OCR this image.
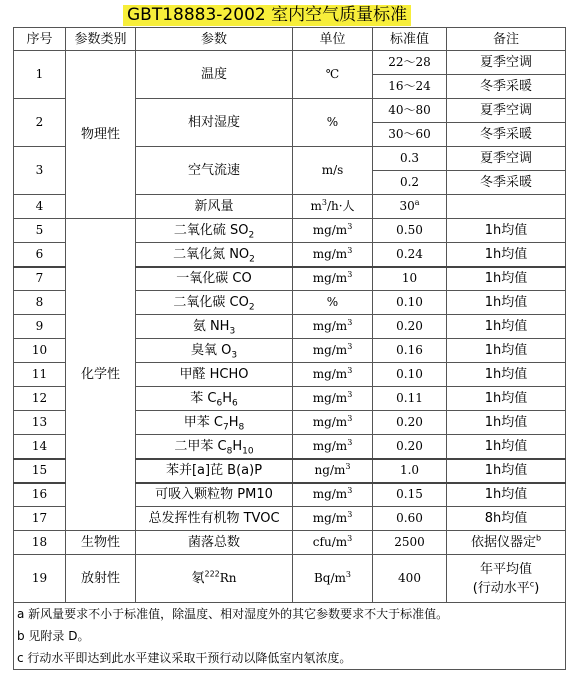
GBT18883-2002 室内空气质量标准
序号	参数类别	参数	单位	标准值	备注
1	物理性	温度	℃	22～28	夏季空调
				16～24	冬季采暖
2		相对湿度	%	40～80	夏季空调
				30～60	冬季采暖
3		空气流速	m/s	0.3	夏季空调
				0.2	冬季采暖
4		新风量	$m^3/h\cdot$人	30$^a$	
5	化学性	二氧化硫 $SO_2$	$mg/m^3$	0.50	1h均值
6		二氧化氮 $NO_2$	$mg/m^3$	0.24	1h均值
7		一氧化碳 CO	$mg/m^3$	10	1h均值
8		二氧化碳 $CO_2$	%	0.10	1h均值
9		氨 $NH_3$	$mg/m^3$	0.20	1h均值
10		臭氧 $O_3$	$mg/m^3$	0.16	1h均值
11		甲醛 HCHO	$mg/m^3$	0.10	1h均值
12		苯 $C_6H_6$	$mg/m^3$	0.11	1h均值
13		甲苯 $C_7H_8$	$mg/m^3$	0.20	1h均值
14		二甲苯 $C_8H_{10}$	$mg/m^3$	0.20	1h均值
15		苯并[a]芘 B(a)P	$ng/m^3$	1.0	1h均值
16		可吸入颗粒物 PM10	$mg/m^3$	0.15	1h均值
17		总发挥性有机物 TVOC	$mg/m^3$	0.60	8h均值
18	生物性	菌落总数	cfu/$m^3$	2500	依据仪器定$^b$
19	放射性	氡$^{222}$Rn	$Bq/m^3$	400	年平均值
(行动水平$^c$)

a 新风量要求不小于标准值，除温度、相对湿度外的其它参数要求不大于标准值。					
b 见附录 D。					
c 行动水平即达到此水平建议采取干预行动以降低室内氡浓度。					
